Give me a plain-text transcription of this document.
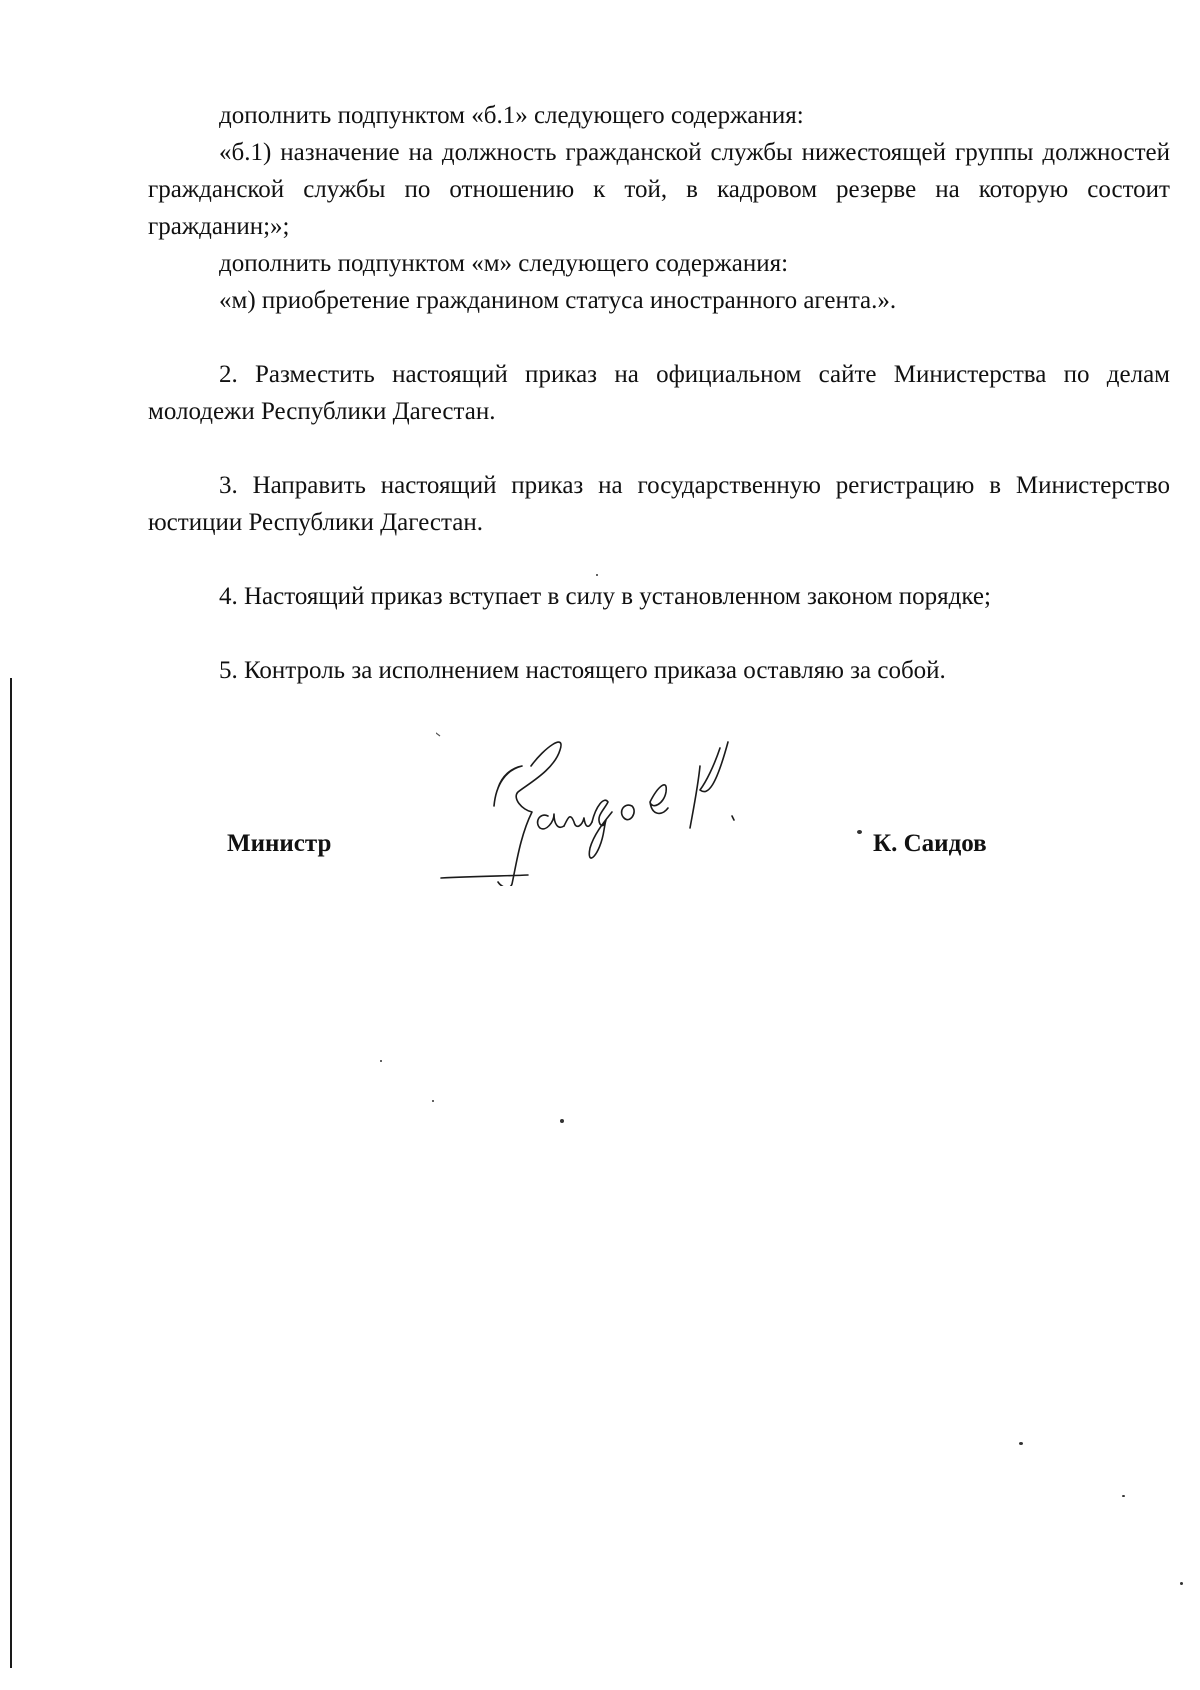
дополнить подпунктом «б.1» следующего содержания:

«б.1) назначение на должность гражданской службы нижестоящей группы должностей гражданской службы по отношению к той, в кадровом резерве на которую состоит гражданин;»;

дополнить подпунктом «м» следующего содержания:

«м) приобретение гражданином статуса иностранного агента.».

2. Разместить настоящий приказ на официальном сайте Министерства по делам молодежи Республики Дагестан.

3. Направить настоящий приказ на государственную регистрацию в Министерство юстиции Республики Дагестан.

4. Настоящий приказ вступает в силу в установленном законом порядке;

5. Контроль за исполнением настоящего приказа оставляю за собой.

Министр	К. Саидов
